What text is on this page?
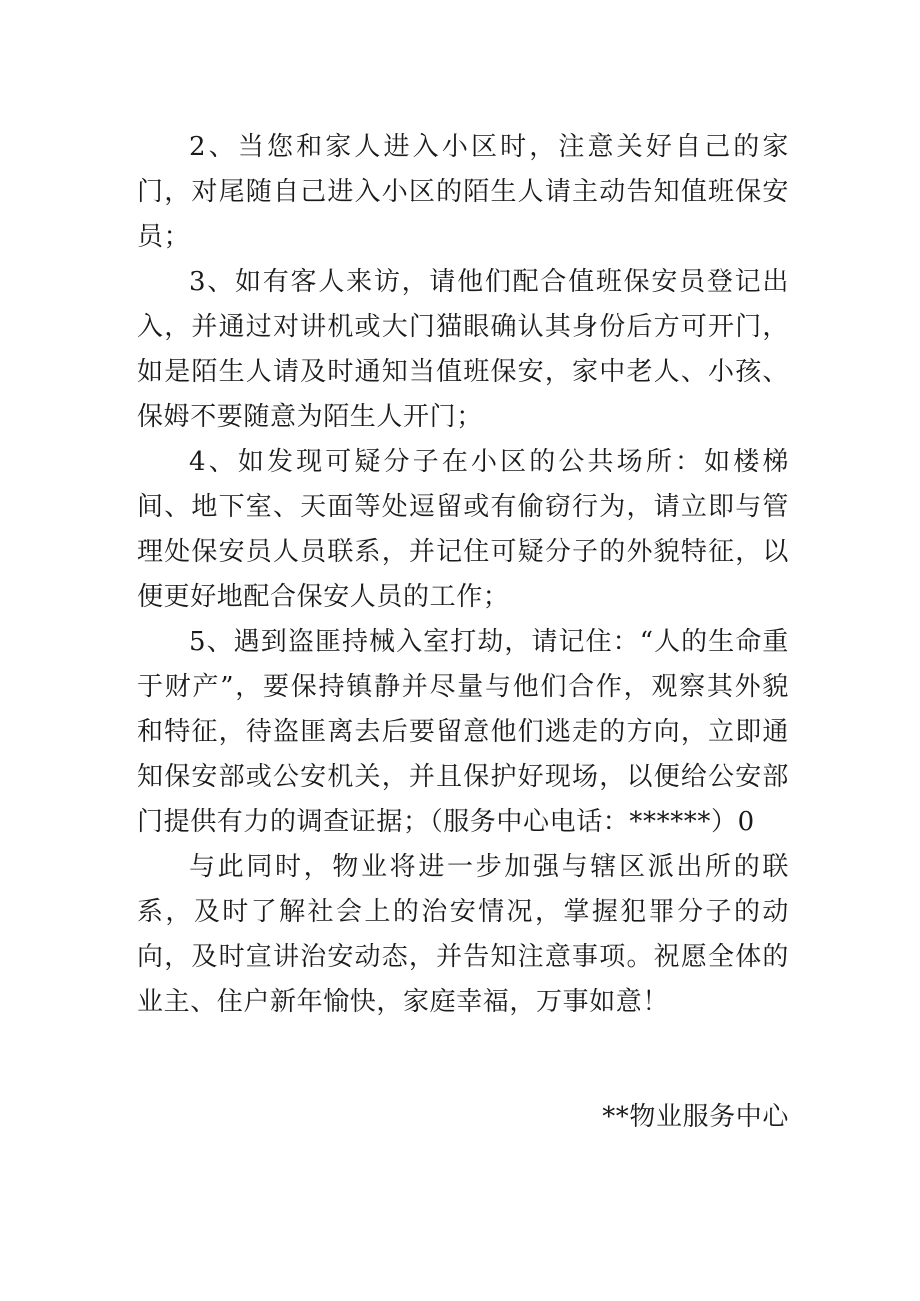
2、当您和家人进入小区时，注意关好自己的家门，对尾随自己进入小区的陌生人请主动告知值班保安员；

3、如有客人来访，请他们配合值班保安员登记出入，并通过对讲机或大门猫眼确认其身份后方可开门，如是陌生人请及时通知当值班保安，家中老人、小孩、保姆不要随意为陌生人开门；

4、如发现可疑分子在小区的公共场所：如楼梯间、地下室、天面等处逗留或有偷窃行为，请立即与管理处保安员人员联系，并记住可疑分子的外貌特征，以便更好地配合保安人员的工作；

5、遇到盗匪持械入室打劫，请记住：“人的生命重于财产”，要保持镇静并尽量与他们合作，观察其外貌和特征，待盗匪离去后要留意他们逃走的方向，立即通知保安部或公安机关，并且保护好现场，以便给公安部门提供有力的调查证据；（服务中心电话：******）0

与此同时，物业将进一步加强与辖区派出所的联系，及时了解社会上的治安情况，掌握犯罪分子的动向，及时宣讲治安动态，并告知注意事项。祝愿全体的业主、住户新年愉快，家庭幸福，万事如意！

**物业服务中心
